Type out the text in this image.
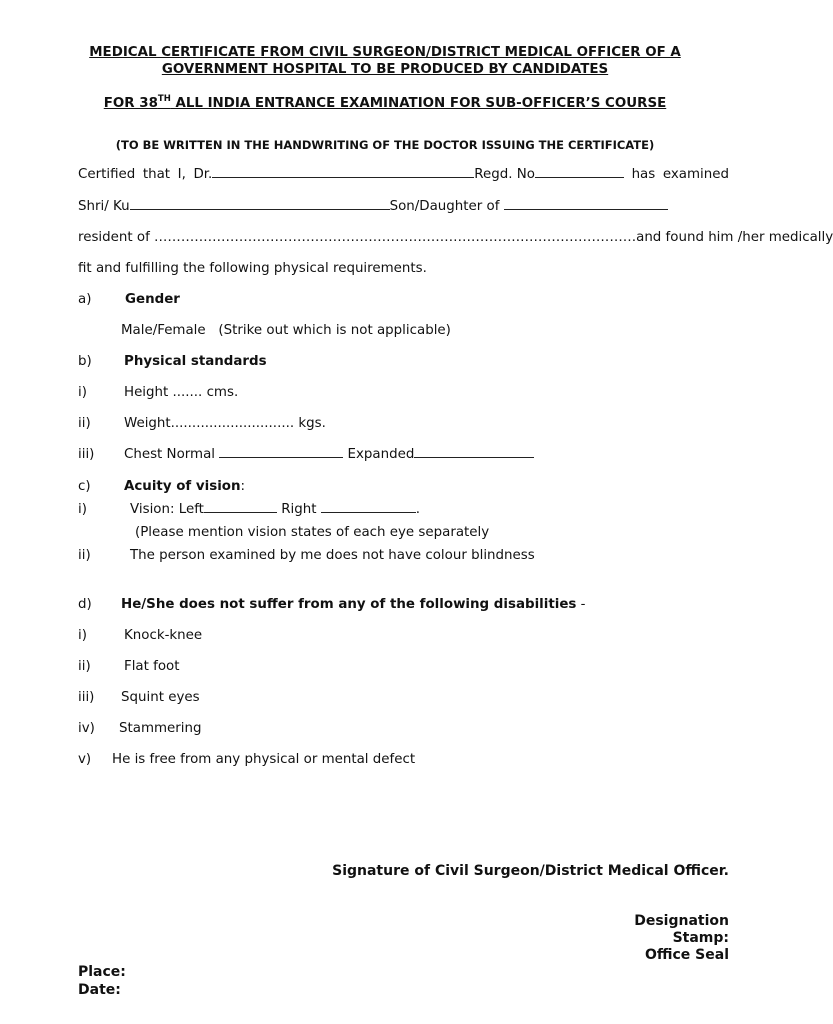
MEDICAL CERTIFICATE FROM CIVIL SURGEON/DISTRICT MEDICAL OFFICER OF A
GOVERNMENT HOSPITAL TO BE PRODUCED BY CANDIDATES
FOR 38TH ALL INDIA ENTRANCE EXAMINATION FOR SUB-OFFICER’S COURSE
(TO BE WRITTEN IN THE HANDWRITING OF THE DOCTOR ISSUING THE CERTIFICATE)
Certified that I, Dr.	Regd. No	has examined
Shri/ Ku	Son/Daughter of
resident of ……………………………………………………………………………………………… and found him /her medically
fit and fulfilling the following physical requirements.
a)	Gender
Male/Female   (Strike out which is not applicable)
b) Physical standards
i)	Height ....... cms.
ii) Weight............................. kgs.
iii) Chest Normal	Expanded
c) Acuity of vision:
i)	Vision: Left	Right	.
(Please mention vision states of each eye separately
ii)	The person examined by me does not have colour blindness
d) He/She does not suffer from any of the following disabilities -
i)	Knock-knee
ii) Flat foot
iii) Squint eyes
iv) Stammering
v) He is free from any physical or mental defect
Signature of Civil Surgeon/District Medical Officer.
Designation
Stamp:
Office Seal
Place:
Date:
